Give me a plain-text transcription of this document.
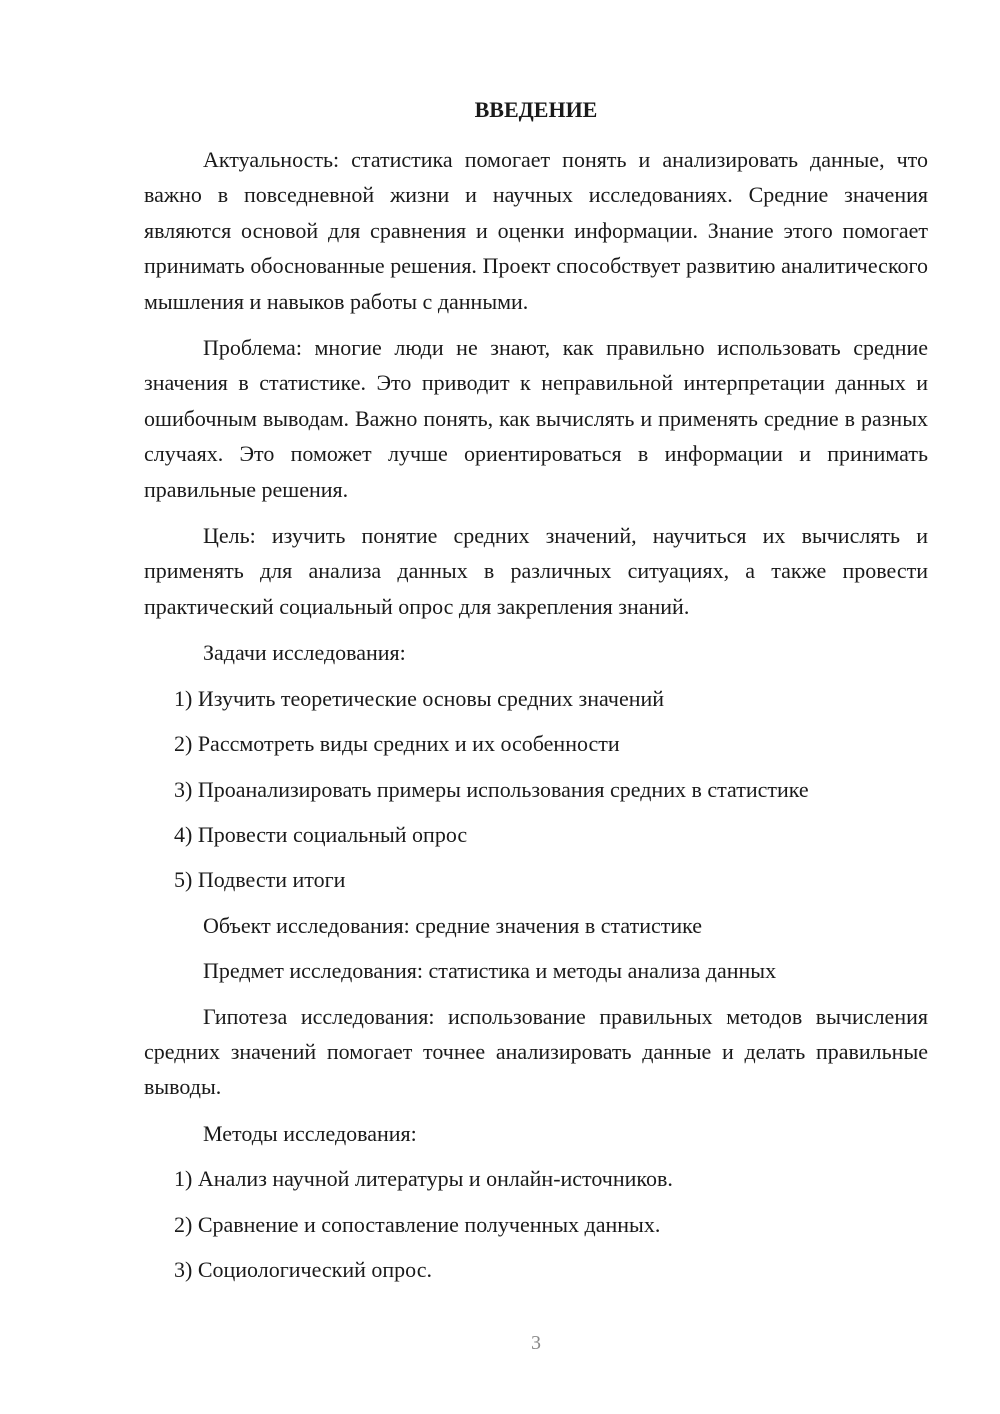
ВВЕДЕНИЕ

Актуальность: статистика помогает понять и анализировать данные, что важно в повседневной жизни и научных исследованиях. Средние значения являются основой для сравнения и оценки информации. Знание этого помогает принимать обоснованные решения. Проект способствует развитию аналитического мышления и навыков работы с данными.

Проблема: многие люди не знают, как правильно использовать средние значения в статистике. Это приводит к неправильной интерпретации данных и ошибочным выводам. Важно понять, как вычислять и применять средние в разных случаях. Это поможет лучше ориентироваться в информации и принимать правильные решения.

Цель: изучить понятие средних значений, научиться их вычислять и применять для анализа данных в различных ситуациях, а также провести практический социальный опрос для закрепления знаний.

Задачи исследования:
1) Изучить теоретические основы средних значений
2) Рассмотреть виды средних и их особенности
3) Проанализировать примеры использования средних в статистике
4) Провести социальный опрос
5) Подвести итоги
Объект исследования: средние значения в статистике
Предмет исследования: статистика и методы анализа данных

Гипотеза исследования: использование правильных методов вычисления средних значений помогает точнее анализировать данные и делать правильные выводы.

Методы исследования:
1) Анализ научной литературы и онлайн-источников.
2) Сравнение и сопоставление полученных данных.
3) Социологический опрос.
3
